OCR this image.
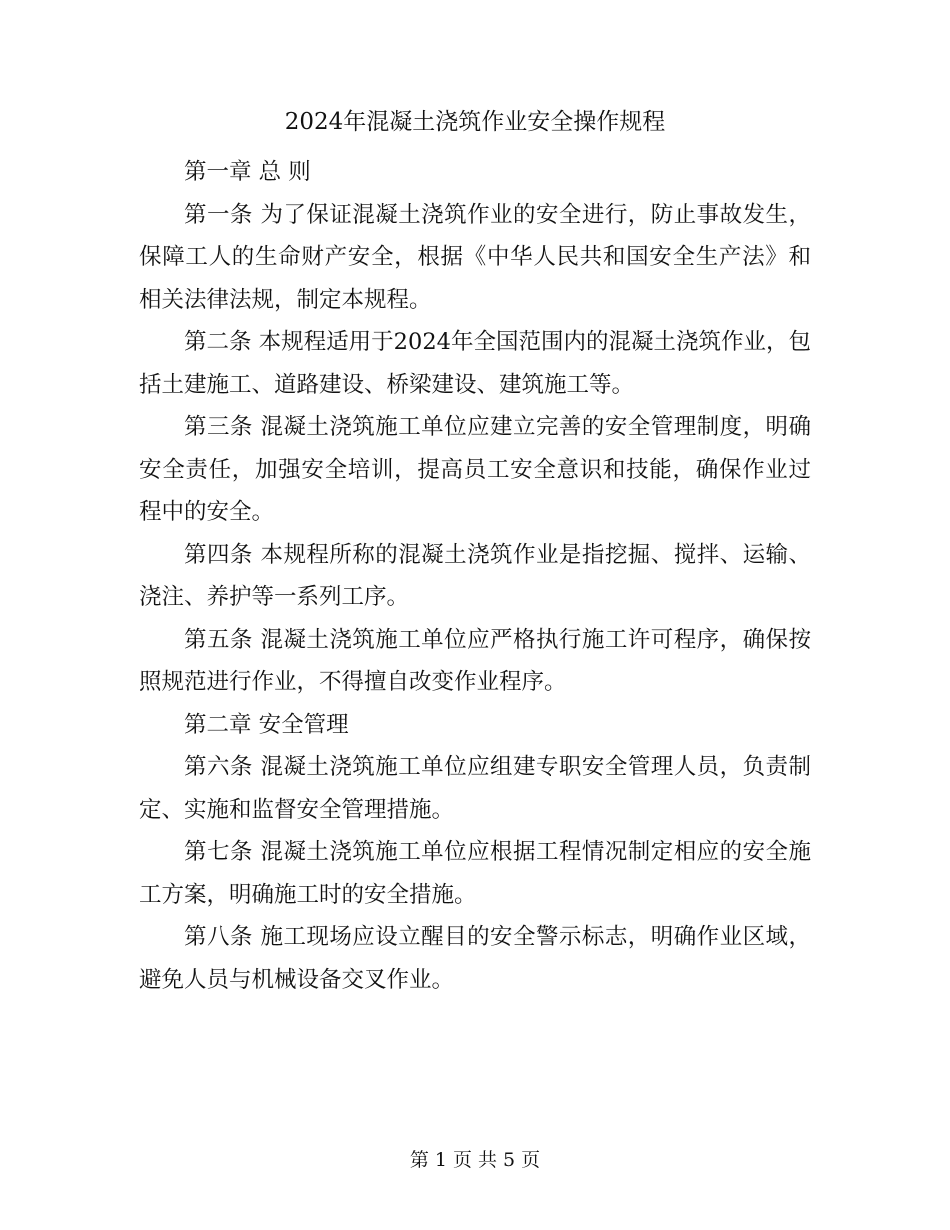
2024年混凝土浇筑作业安全操作规程

第一章 总 则

第一条 为了保证混凝土浇筑作业的安全进行，防止事故发生，保障工人的生命财产安全，根据《中华人民共和国安全生产法》和相关法律法规，制定本规程。

第二条 本规程适用于2024年全国范围内的混凝土浇筑作业，包括土建施工、道路建设、桥梁建设、建筑施工等。

第三条 混凝土浇筑施工单位应建立完善的安全管理制度，明确安全责任，加强安全培训，提高员工安全意识和技能，确保作业过程中的安全。

第四条 本规程所称的混凝土浇筑作业是指挖掘、搅拌、运输、浇注、养护等一系列工序。

第五条 混凝土浇筑施工单位应严格执行施工许可程序，确保按照规范进行作业，不得擅自改变作业程序。

第二章 安全管理

第六条 混凝土浇筑施工单位应组建专职安全管理人员，负责制定、实施和监督安全管理措施。

第七条 混凝土浇筑施工单位应根据工程情况制定相应的安全施工方案，明确施工时的安全措施。

第八条 施工现场应设立醒目的安全警示标志，明确作业区域，避免人员与机械设备交叉作业。

第 1 页 共 5 页
